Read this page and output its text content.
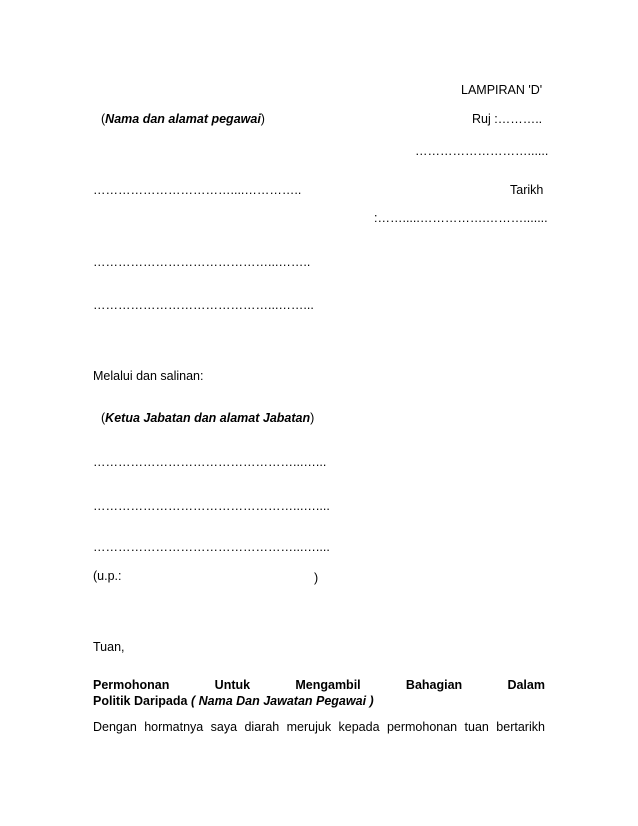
LAMPIRAN 'D'
(Nama dan alamat pegawai)	Ruj :………..
………………………......
……………………………....…………..	Tarikh
:…….....…………….……….......
……………………………………...……..
……………………………………...……...
Melalui dan salinan:
(Ketua Jabatan dan alamat Jabatan)
…………………………………………...…...
…………………………………………...…....
…………………………………………...…....
(u.p.:	)
Tuan,
Permohonan	Untuk	Mengambil	Bahagian	Dalam
Politik Daripada ( Nama Dan Jawatan Pegawai )
Dengan hormatnya saya diarah merujuk kepada permohonan tuan bertarikh
